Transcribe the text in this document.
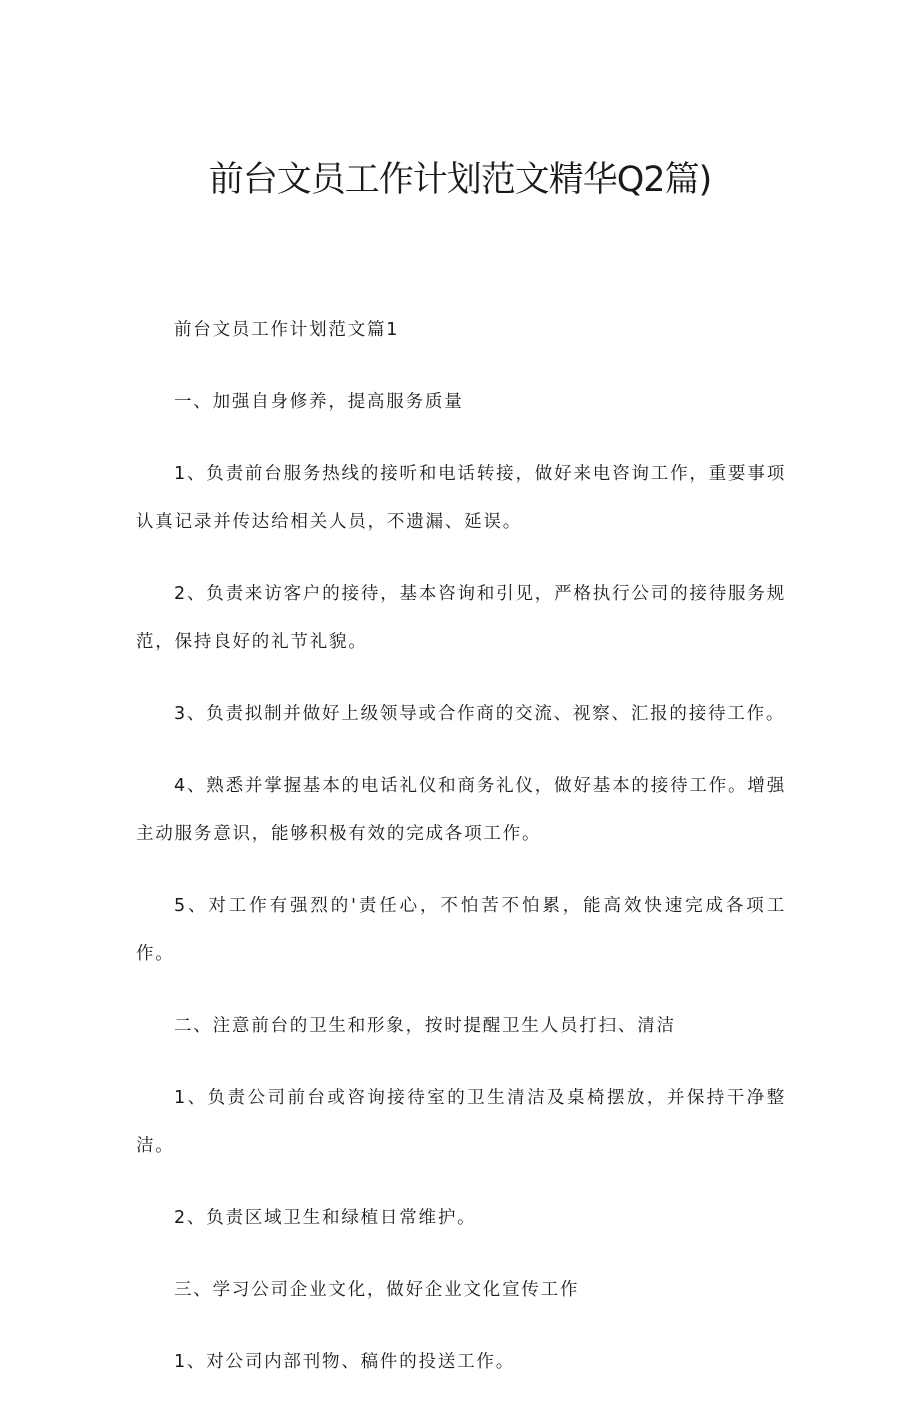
前台文员工作计划范文精华Q2篇)

前台文员工作计划范文篇1

一、加强自身修养，提高服务质量

1、负责前台服务热线的接听和电话转接，做好来电咨询工作，重要事项认真记录并传达给相关人员，不遗漏、延误。

2、负责来访客户的接待，基本咨询和引见，严格执行公司的接待服务规范，保持良好的礼节礼貌。

3、负责拟制并做好上级领导或合作商的交流、视察、汇报的接待工作。

4、熟悉并掌握基本的电话礼仪和商务礼仪，做好基本的接待工作。增强主动服务意识，能够积极有效的完成各项工作。

5、对工作有强烈的'责任心，不怕苦不怕累，能高效快速完成各项工作。

二、注意前台的卫生和形象，按时提醒卫生人员打扫、清洁

1、负责公司前台或咨询接待室的卫生清洁及桌椅摆放，并保持干净整洁。

2、负责区域卫生和绿植日常维护。

三、学习公司企业文化，做好企业文化宣传工作

1、对公司内部刊物、稿件的投送工作。
